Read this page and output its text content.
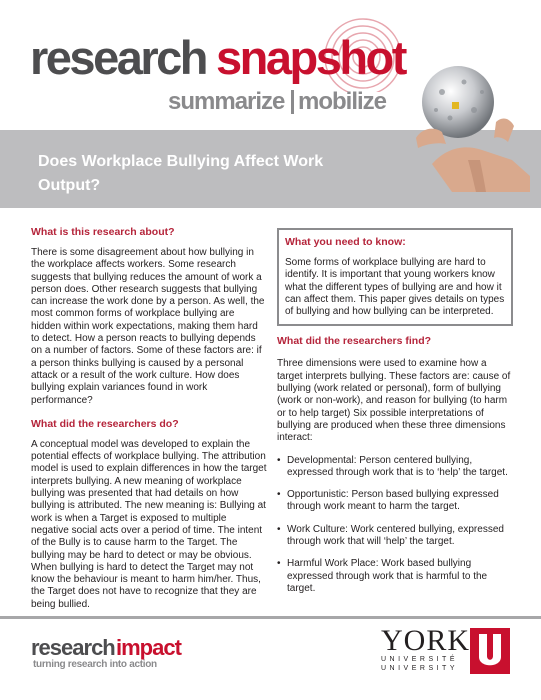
research snapshot
summarize mobilize
Does Workplace Bullying Affect Work Output?
What is this research about?

There is some disagreement about how bullying in the workplace affects workers. Some research suggests that bullying reduces the amount of work a person does. Other research suggests that bullying can increase the work done by a person. As well, the most common forms of workplace bullying are hidden within work expectations, making them hard to detect. How a person reacts to bullying depends on a number of factors. Some of these factors are: if a person thinks bullying is caused by a personal attack or a result of the work culture. How does bullying explain variances found in work performance?

What did the researchers do?

A conceptual model was developed to explain the potential effects of workplace bullying. The attribution model is used to explain differences in how the target interprets bullying. A new meaning of workplace bullying was presented that had details on how bullying is attributed. The new meaning is: Bullying at work is when a Target is exposed to multiple negative social acts over a period of time. The intent of the Bully is to cause harm to the Target. The bullying may be hard to detect or may be obvious. When bullying is hard to detect the Target may not know the behaviour is meant to harm him/her. Thus, the Target does not have to recognize that they are being bullied.

What you need to know:

Some forms of workplace bullying are hard to identify. It is important that young workers know what the different types of bullying are and how it can affect them. This paper gives details on types of bullying and how bullying can be interpreted.

What did the researchers find?

Three dimensions were used to examine how a target interprets bullying. These factors are: cause of bullying (work related or personal), form of bullying (work or non-work), and reason for bullying (to harm or to help target) Six possible interpretations of bullying are produced when these three dimensions interact:

• Developmental: Person centered bullying, expressed through work that is to ‘help’ the target.
• Opportunistic: Person based bullying expressed through work meant to harm the target.
• Work Culture: Work centered bullying, expressed through work that will ‘help’ the target.
• Harmful Work Place: Work based bullying expressed through work that is harmful to the target.
research impact
turning research into action
YORK
UNIVERSITÉ
UNIVERSITY
